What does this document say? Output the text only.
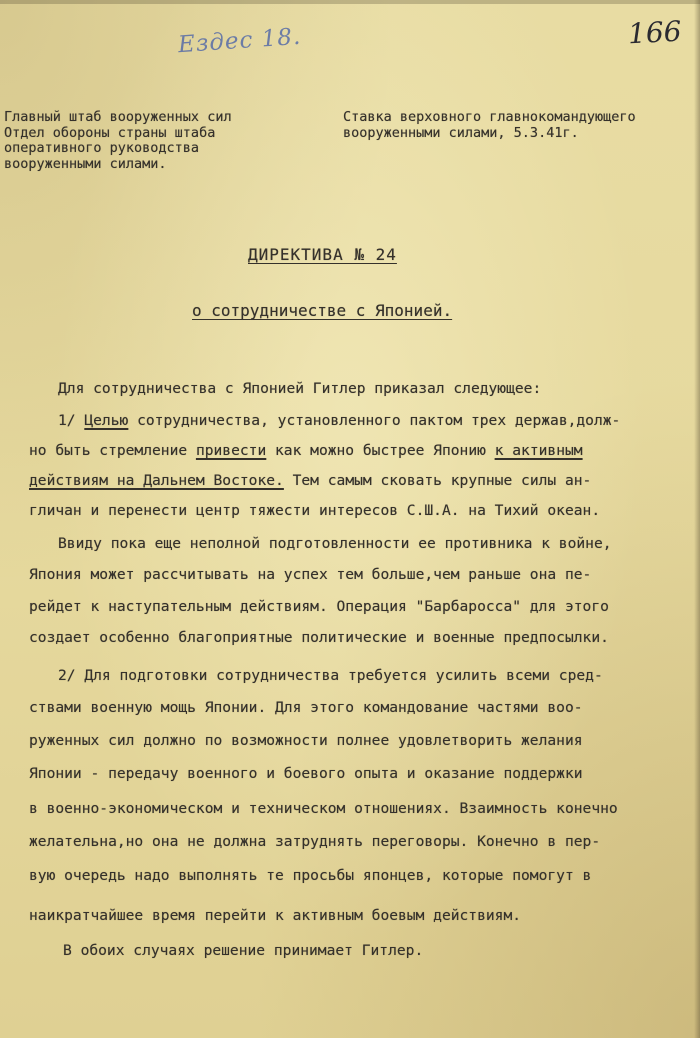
Ездес 18.	166
Главный штаб вооруженных сил
Отдел обороны страны штаба
оперативного руководства
вооруженными силами.
Ставка верховного главнокомандующего
вооруженными силами, 5.3.41г.
ДИРЕКТИВА № 24
о сотрудничестве с Японией.
Для сотрудничества с Японией Гитлер приказал следующее:
1/ Целью сотрудничества, установленного пактом трех держав,долж-
но быть стремление привести как можно быстрее Японию к активным
действиям на Дальнем Востоке. Тем самым сковать крупные силы ан-
гличан и перенести центр тяжести интересов С.Ш.А. на Тихий океан.
Ввиду пока еще неполной подготовленности ее противника к войне,
Япония может рассчитывать на успех тем больше,чем раньше она пе-
рейдет к наступательным действиям. Операция "Барбаросса" для этого
создает особенно благоприятные политические и военные предпосылки.
2/ Для подготовки сотрудничества требуется усилить всеми сред-
ствами военную мощь Японии. Для этого командование частями воо-
руженных сил должно по возможности полнее удовлетворить желания
Японии - передачу военного и боевого опыта и оказание поддержки
в военно-экономическом и техническом отношениях. Взаимность конечно
желательна,но она не должна затруднять переговоры. Конечно в пер-
вую очередь надо выполнять те просьбы японцев, которые помогут в
наикратчайшее время перейти к активным боевым действиям.
В обоих случаях решение принимает Гитлер.
